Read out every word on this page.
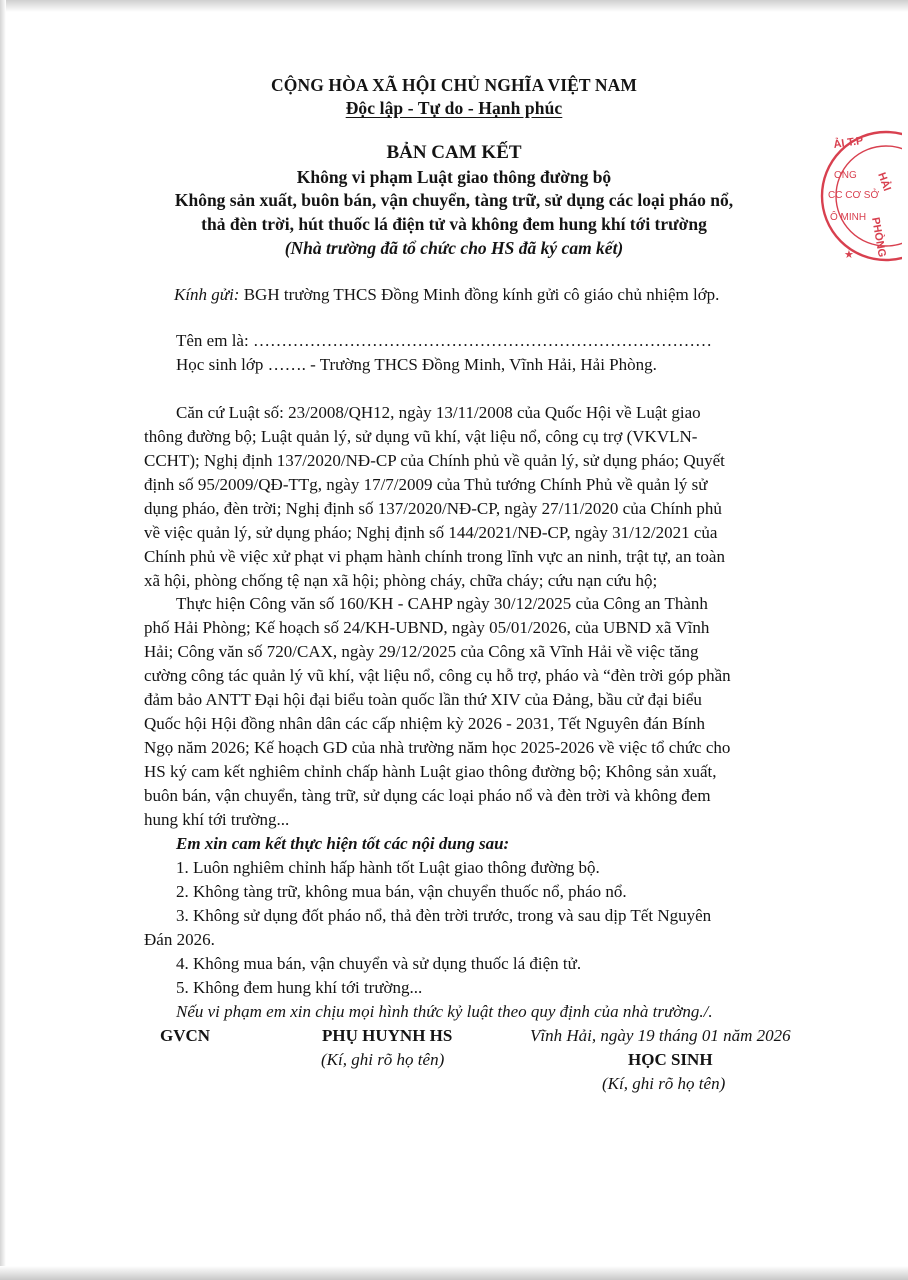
CỘNG HÒA XÃ HỘI CHỦ NGHĨA VIỆT NAM
Độc lập - Tự do - Hạnh phúc
BẢN CAM KẾT
Không vi phạm Luật giao thông đường bộ
Không sản xuất, buôn bán, vận chuyển, tàng trữ, sử dụng các loại pháo nổ,
thả đèn trời, hút thuốc lá điện tử và không đem hung khí tới trường
(Nhà trường đã tổ chức cho HS đã ký cam kết)
ẢI T.P
HẢI
PHÒNG
ONG
CC CƠ SỞ
Ô MINH
★
Kính gửi: BGH trường THCS Đồng Minh đồng kính gửi cô giáo chủ nhiệm lớp.
Tên em là: ………………………………………………………………………
Học sinh lớp ……. - Trường THCS Đồng Minh, Vĩnh Hải, Hải Phòng.
Căn cứ Luật số: 23/2008/QH12, ngày 13/11/2008 của Quốc Hội về Luật giao
thông đường bộ; Luật quản lý, sử dụng vũ khí, vật liệu nổ, công cụ trợ (VKVLN-
CCHT); Nghị định 137/2020/NĐ-CP của Chính phủ về quản lý, sử dụng pháo; Quyết
định số 95/2009/QĐ-TTg, ngày 17/7/2009 của Thủ tướng Chính Phủ về quản lý sử
dụng pháo, đèn trời; Nghị định số 137/2020/NĐ-CP, ngày 27/11/2020 của Chính phủ
về việc quản lý, sử dụng pháo; Nghị định số 144/2021/NĐ-CP, ngày 31/12/2021 của
Chính phủ về việc xử phạt vi phạm hành chính trong lĩnh vực an ninh, trật tự, an toàn
xã hội, phòng chống tệ nạn xã hội; phòng cháy, chữa cháy; cứu nạn cứu hộ;
Thực hiện Công văn số 160/KH - CAHP ngày 30/12/2025 của Công an Thành
phố Hải Phòng; Kế hoạch số 24/KH-UBND, ngày 05/01/2026, của UBND xã Vĩnh
Hải; Công văn số 720/CAX, ngày 29/12/2025 của Công xã Vĩnh Hải về việc tăng
cường công tác quản lý vũ khí, vật liệu nổ, công cụ hỗ trợ, pháo và “đèn trời góp phần
đảm bảo ANTT Đại hội đại biểu toàn quốc lần thứ XIV của Đảng, bầu cử đại biểu
Quốc hội Hội đồng nhân dân các cấp nhiệm kỳ 2026 - 2031, Tết Nguyên đán Bính
Ngọ năm 2026; Kế hoạch GD của nhà trường năm học 2025-2026 về việc tổ chức cho
HS ký cam kết nghiêm chỉnh chấp hành Luật giao thông đường bộ; Không sản xuất,
buôn bán, vận chuyển, tàng trữ, sử dụng các loại pháo nổ và đèn trời và không đem
hung khí tới trường...
Em xin cam kết thực hiện tốt các nội dung sau:
1. Luôn nghiêm chỉnh hấp hành tốt Luật giao thông đường bộ.
2. Không tàng trữ, không mua bán, vận chuyển thuốc nổ, pháo nổ.
3. Không sử dụng đốt pháo nổ, thả đèn trời trước, trong và sau dịp Tết Nguyên
Đán 2026.
4. Không mua bán, vận chuyển và sử dụng thuốc lá điện tử.
5. Không đem hung khí tới trường...
Nếu vi phạm em xin chịu mọi hình thức kỷ luật theo quy định của nhà trường./.
GVCN	PHỤ HUYNH HS	Vĩnh Hải, ngày 19 tháng 01 năm 2026
(Kí, ghi rõ họ tên)	HỌC SINH
(Kí, ghi rõ họ tên)
